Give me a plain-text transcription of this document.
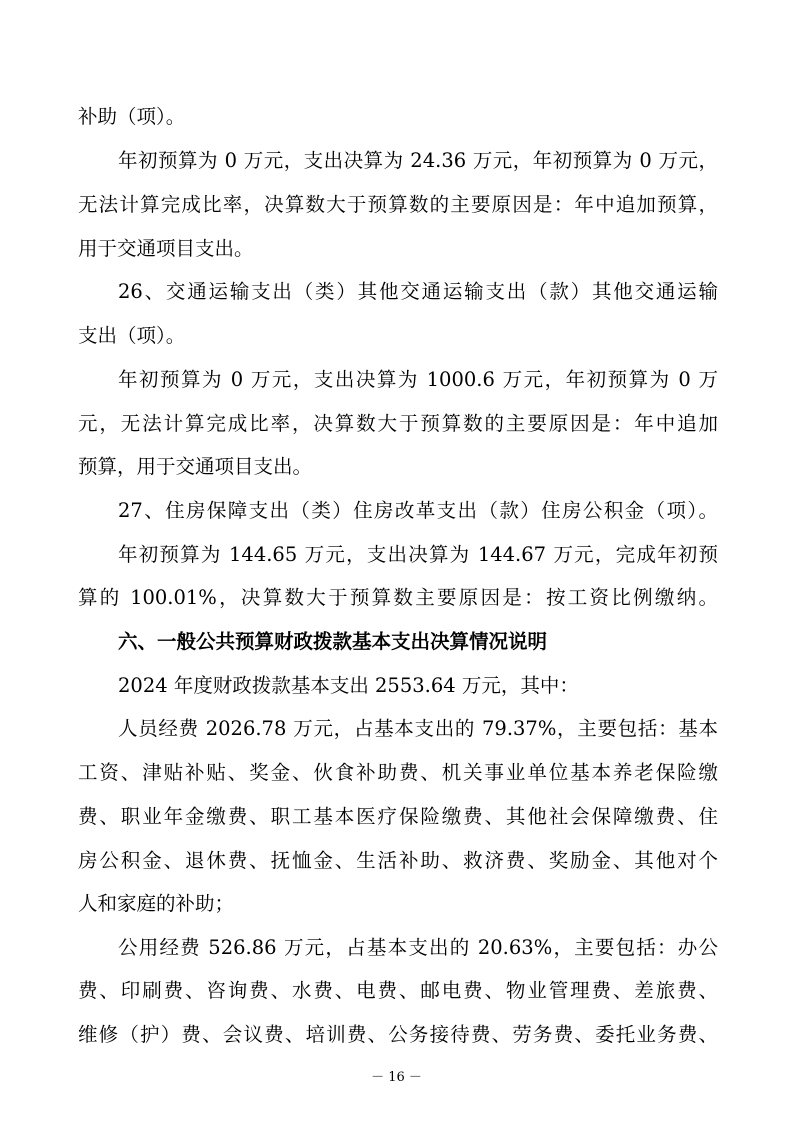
补助（项）。

年初预算为 0 万元，支出决算为 24.36 万元，年初预算为 0 万元，

无法计算完成比率，决算数大于预算数的主要原因是：年中追加预算，

用于交通项目支出。

26、交通运输支出（类）其他交通运输支出（款）其他交通运输

支出（项）。

年初预算为 0 万元，支出决算为 1000.6 万元，年初预算为 0 万

元，无法计算完成比率，决算数大于预算数的主要原因是：年中追加

预算，用于交通项目支出。

27、住房保障支出（类）住房改革支出（款）住房公积金（项）。

年初预算为 144.65 万元，支出决算为 144.67 万元，完成年初预

算的 100.01%，决算数大于预算数主要原因是：按工资比例缴纳。

六、一般公共预算财政拨款基本支出决算情况说明

2024 年度财政拨款基本支出 2553.64 万元，其中：

人员经费 2026.78 万元，占基本支出的 79.37%，主要包括：基本

工资、津贴补贴、奖金、伙食补助费、机关事业单位基本养老保险缴

费、职业年金缴费、职工基本医疗保险缴费、其他社会保障缴费、住

房公积金、退休费、抚恤金、生活补助、救济费、奖励金、其他对个

人和家庭的补助；

公用经费 526.86 万元，占基本支出的 20.63%，主要包括：办公

费、印刷费、咨询费、水费、电费、邮电费、物业管理费、差旅费、

维修（护）费、会议费、培训费、公务接待费、劳务费、委托业务费、

－ 16 －
